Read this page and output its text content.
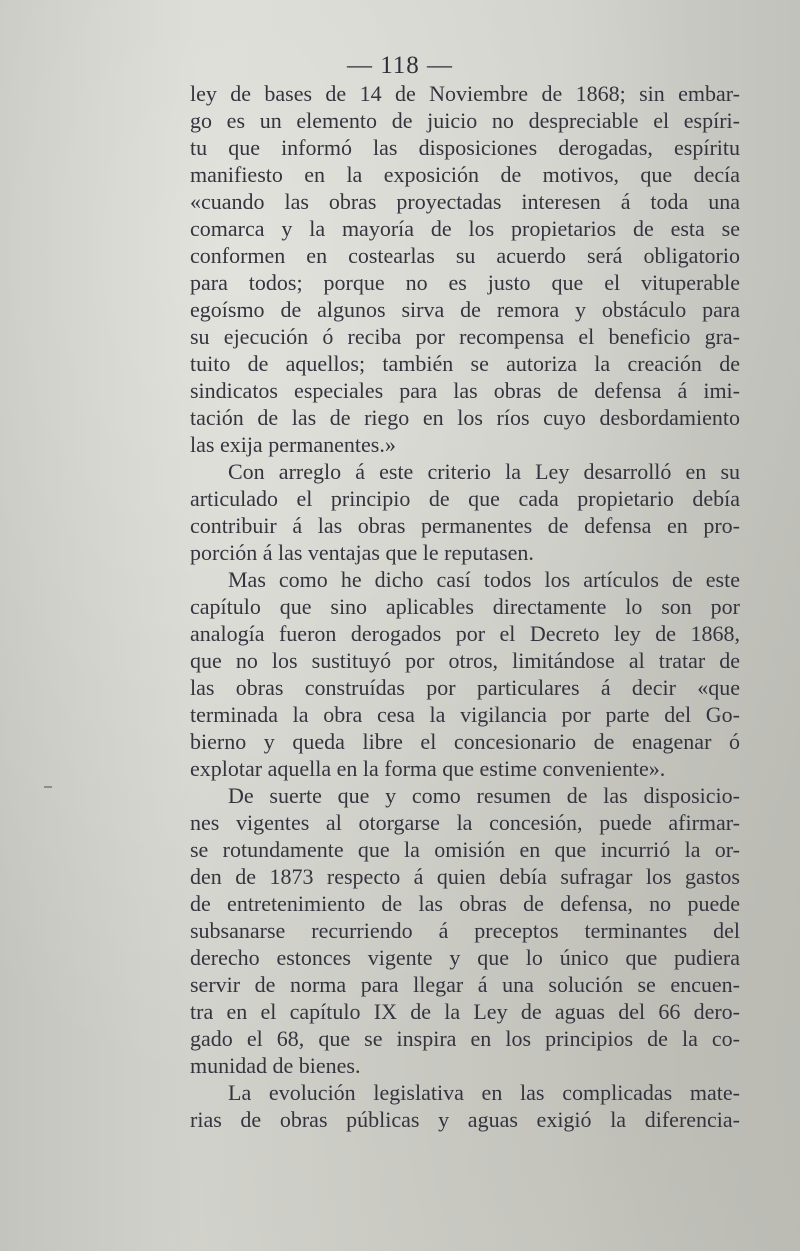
— 118 —
ley de bases de 14 de Noviembre de 1868; sin embar-
go es un elemento de juicio no despreciable el espíri-
tu que informó las disposiciones derogadas, espíritu
manifiesto en la exposición de motivos, que decía
«cuando las obras proyectadas interesen á toda una
comarca y la mayoría de los propietarios de esta se
conformen en costearlas su acuerdo será obligatorio
para todos; porque no es justo que el vituperable
egoísmo de algunos sirva de remora y obstáculo para
su ejecución ó reciba por recompensa el beneficio gra-
tuito de aquellos; también se autoriza la creación de
sindicatos especiales para las obras de defensa á imi-
tación de las de riego en los ríos cuyo desbordamiento
las exija permanentes.»
Con arreglo á este criterio la Ley desarrolló en su
articulado el principio de que cada propietario debía
contribuir á las obras permanentes de defensa en pro-
porción á las ventajas que le reputasen.
Mas como he dicho casí todos los artículos de este
capítulo que sino aplicables directamente lo son por
analogía fueron derogados por el Decreto ley de 1868,
que no los sustituyó por otros, limitándose al tratar de
las obras construídas por particulares á decir «que
terminada la obra cesa la vigilancia por parte del Go-
bierno y queda libre el concesionario de enagenar ó
explotar aquella en la forma que estime conveniente».
De suerte que y como resumen de las disposicio-
nes vigentes al otorgarse la concesión, puede afirmar-
se rotundamente que la omisión en que incurrió la or-
den de 1873 respecto á quien debía sufragar los gastos
de entretenimiento de las obras de defensa, no puede
subsanarse recurriendo á preceptos terminantes del
derecho estonces vigente y que lo único que pudiera
servir de norma para llegar á una solución se encuen-
tra en el capítulo IX de la Ley de aguas del 66 dero-
gado el 68, que se inspira en los principios de la co-
munidad de bienes.
La evolución legislativa en las complicadas mate-
rias de obras públicas y aguas exigió la diferencia-
